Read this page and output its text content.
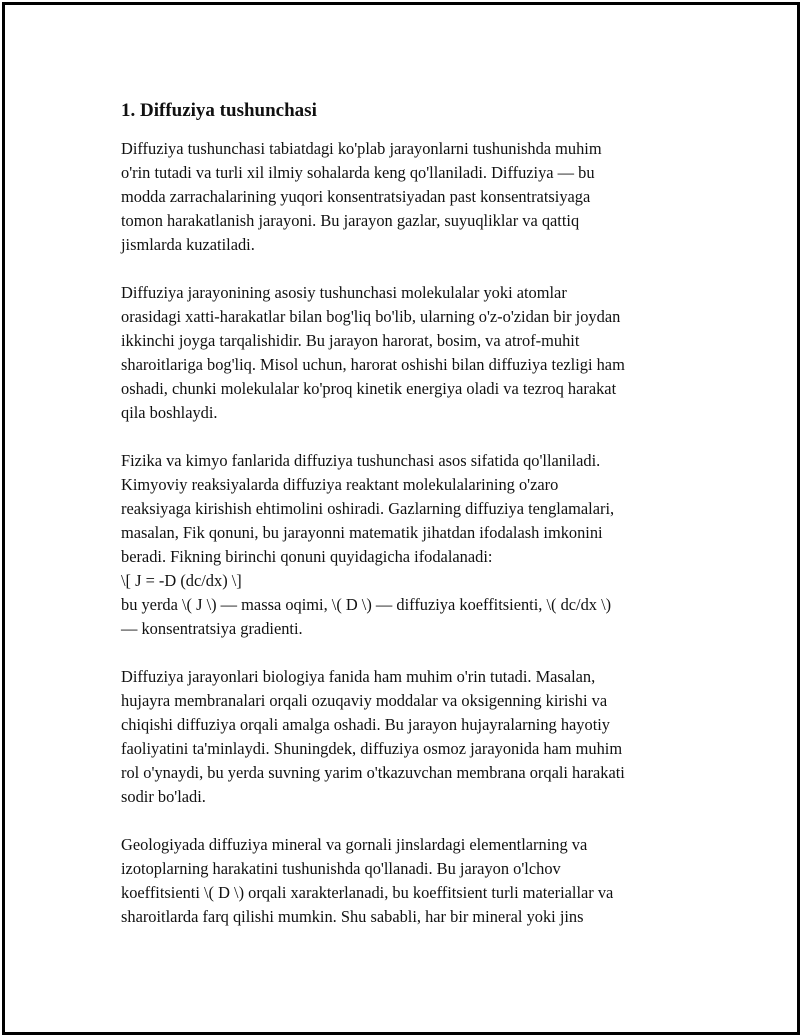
1. Diffuziya tushunchasi

Diffuziya tushunchasi tabiatdagi ko'plab jarayonlarni tushunishda muhim
o'rin tutadi va turli xil ilmiy sohalarda keng qo'llaniladi. Diffuziya — bu
modda zarrachalarining yuqori konsentratsiyadan past konsentratsiyaga
tomon harakatlanish jarayoni. Bu jarayon gazlar, suyuqliklar va qattiq
jismlarda kuzatiladi.

Diffuziya jarayonining asosiy tushunchasi molekulalar yoki atomlar
orasidagi xatti-harakatlar bilan bog'liq bo'lib, ularning o'z-o'zidan bir joydan
ikkinchi joyga tarqalishidir. Bu jarayon harorat, bosim, va atrof-muhit
sharoitlariga bog'liq. Misol uchun, harorat oshishi bilan diffuziya tezligi ham
oshadi, chunki molekulalar ko'proq kinetik energiya oladi va tezroq harakat
qila boshlaydi.

Fizika va kimyo fanlarida diffuziya tushunchasi asos sifatida qo'llaniladi.
Kimyoviy reaksiyalarda diffuziya reaktant molekulalarining o'zaro
reaksiyaga kirishish ehtimolini oshiradi. Gazlarning diffuziya tenglamalari,
masalan, Fik qonuni, bu jarayonni matematik jihatdan ifodalash imkonini
beradi. Fikning birinchi qonuni quyidagicha ifodalanadi:
\[ J = -D (dc/dx) \]
bu yerda \( J \) — massa oqimi, \( D \) — diffuziya koeffitsienti, \( dc/dx \)
— konsentratsiya gradienti.

Diffuziya jarayonlari biologiya fanida ham muhim o'rin tutadi. Masalan,
hujayra membranalari orqali ozuqaviy moddalar va oksigenning kirishi va
chiqishi diffuziya orqali amalga oshadi. Bu jarayon hujayralarning hayotiy
faoliyatini ta'minlaydi. Shuningdek, diffuziya osmoz jarayonida ham muhim
rol o'ynaydi, bu yerda suvning yarim o'tkazuvchan membrana orqali harakati
sodir bo'ladi.

Geologiyada diffuziya mineral va gornali jinslardagi elementlarning va
izotoplarning harakatini tushunishda qo'llanadi. Bu jarayon o'lchov
koeffitsienti \( D \) orqali xarakterlanadi, bu koeffitsient turli materiallar va
sharoitlarda farq qilishi mumkin. Shu sababli, har bir mineral yoki jins
